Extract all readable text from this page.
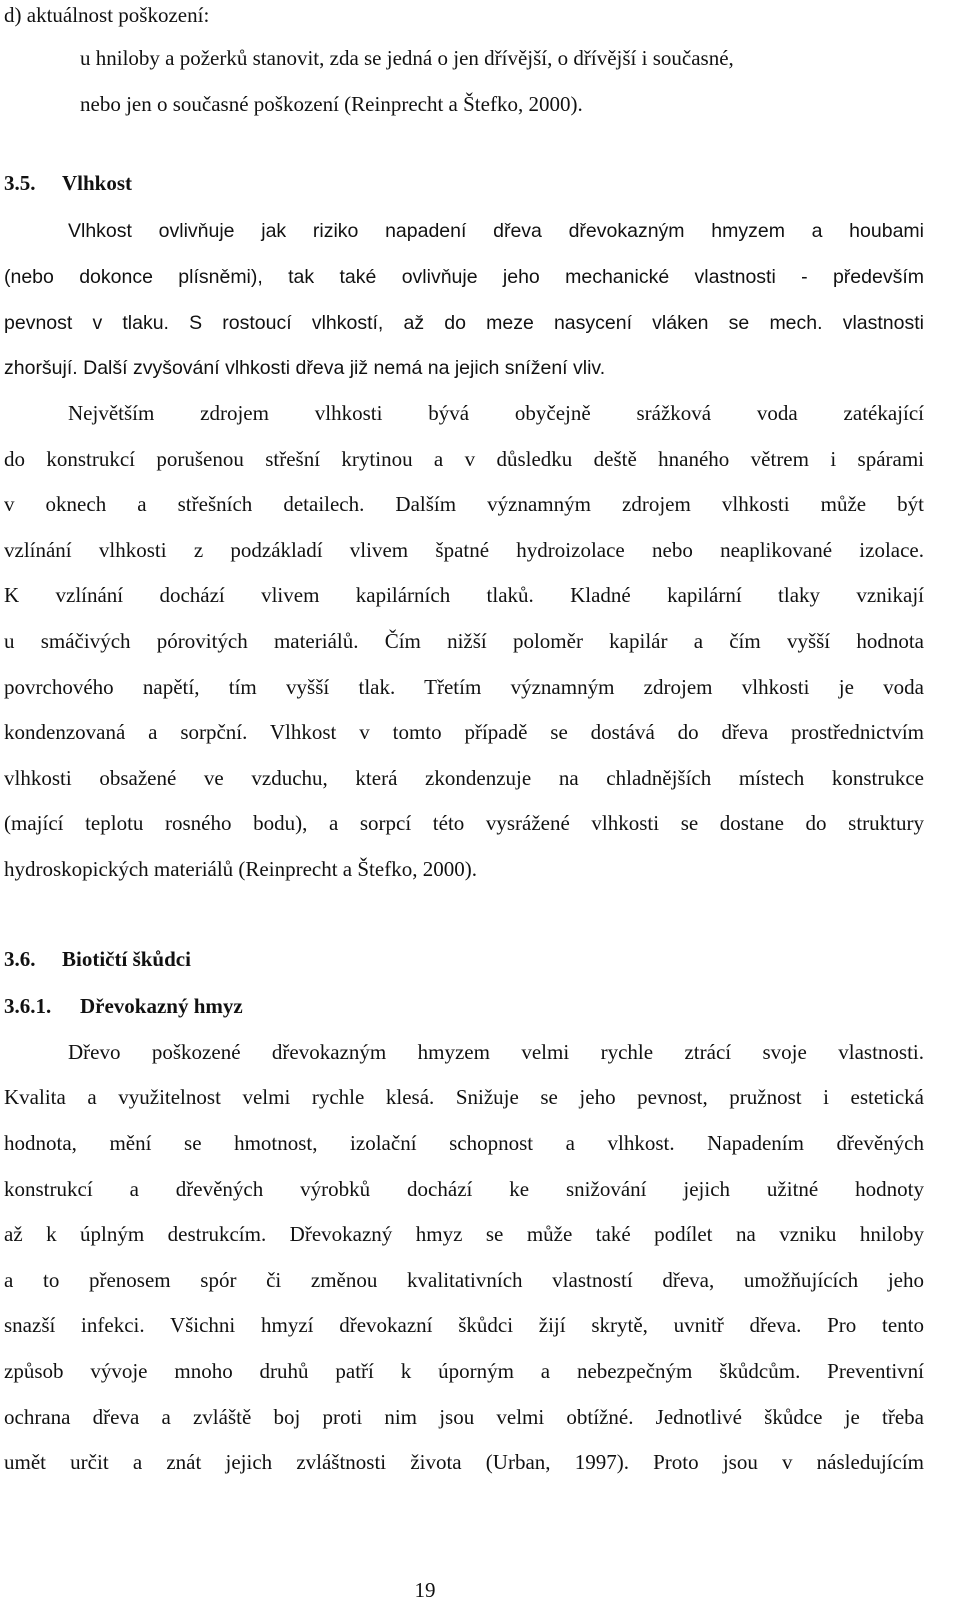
d) aktuálnost poškození:
u hniloby a požerků stanovit, zda se jedná o jen dřívější, o dřívější i současné,
nebo jen o současné poškození (Reinprecht a Štefko, 2000).
3.5.	Vlhkost
Vlhkost ovlivňuje jak riziko napadení dřeva dřevokazným hmyzem a houbami
(nebo dokonce plísněmi), tak také ovlivňuje jeho mechanické vlastnosti - především
pevnost v tlaku. S rostoucí vlhkostí, až do meze nasycení vláken se mech. vlastnosti
zhoršují. Další zvyšování vlhkosti dřeva již nemá na jejich snížení vliv.
Největším zdrojem vlhkosti bývá obyčejně srážková voda zatékající
do konstrukcí porušenou střešní krytinou a v důsledku deště hnaného větrem i spárami
v oknech a střešních detailech. Dalším významným zdrojem vlhkosti může být
vzlínání vlhkosti z podzákladí vlivem špatné hydroizolace nebo neaplikované izolace.
K vzlínání dochází vlivem kapilárních tlaků. Kladné kapilární tlaky vznikají
u smáčivých pórovitých materiálů. Čím nižší poloměr kapilár a čím vyšší hodnota
povrchového napětí, tím vyšší tlak. Třetím významným zdrojem vlhkosti je voda
kondenzovaná a sorpční. Vlhkost v tomto případě se dostává do dřeva prostřednictvím
vlhkosti obsažené ve vzduchu, která zkondenzuje na chladnějších místech konstrukce
(mající teplotu rosného bodu), a sorpcí této vysrážené vlhkosti se dostane do struktury
hydroskopických materiálů (Reinprecht a Štefko, 2000).
3.6.	Biotičtí škůdci
3.6.1.	Dřevokazný hmyz
Dřevo poškozené dřevokazným hmyzem velmi rychle ztrácí svoje vlastnosti.
Kvalita a využitelnost velmi rychle klesá. Snižuje se jeho pevnost, pružnost i estetická
hodnota, mění se hmotnost, izolační schopnost a vlhkost. Napadením dřevěných
konstrukcí a dřevěných výrobků dochází ke snižování jejich užitné hodnoty
až k úplným destrukcím. Dřevokazný hmyz se může také podílet na vzniku hniloby
a to přenosem spór či změnou kvalitativních vlastností dřeva, umožňujících jeho
snazší infekci. Všichni hmyzí dřevokazní škůdci žijí skrytě, uvnitř dřeva. Pro tento
způsob vývoje mnoho druhů patří k úporným a nebezpečným škůdcům. Preventivní
ochrana dřeva a zvláště boj proti nim jsou velmi obtížné. Jednotlivé škůdce je třeba
umět určit a znát jejich zvláštnosti života (Urban, 1997). Proto jsou v následujícím
19
